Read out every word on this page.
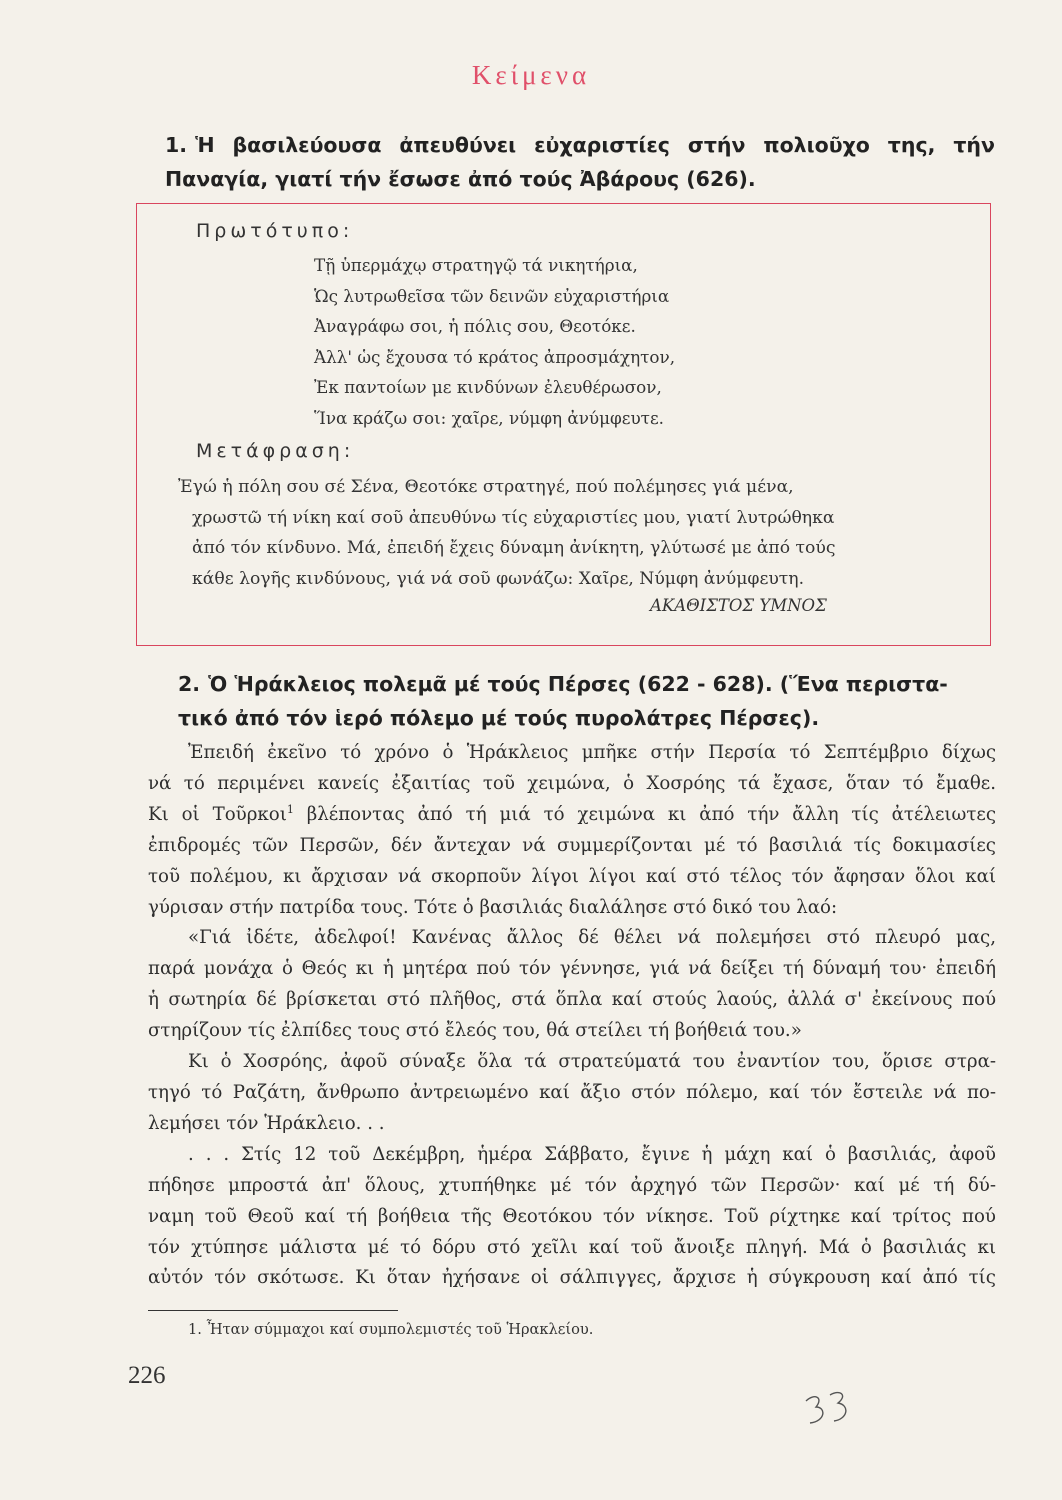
Κείμενα
1. Ἡ βασιλεύουσα ἀπευθύνει εὐχαριστίες στήν πολιοῦχο της, τήν Παναγία, γιατί τήν ἔσωσε ἀπό τούς Ἀβάρους (626).
Πρωτότυπο:
Τῇ ὑπερμάχῳ στρατηγῷ τά νικητήρια,
Ὡς λυτρωθεῖσα τῶν δεινῶν εὐχαριστήρια
Ἀναγράφω σοι, ἡ πόλις σου, Θεοτόκε.
Ἀλλ' ὡς ἔχουσα τό κράτος ἀπροσμάχητον,
Ἐκ παντοίων με κινδύνων ἐλευθέρωσον,
Ἵνα κράζω σοι: χαῖρε, νύμφη ἀνύμφευτε.
Μετάφραση:
Ἐγώ ἡ πόλη σου σέ Σένα, Θεοτόκε στρατηγέ, πού πολέμησες γιά μένα,
χρωστῶ τή νίκη καί σοῦ ἀπευθύνω τίς εὐχαριστίες μου, γιατί λυτρώθηκα
ἀπό τόν κίνδυνο. Μά, ἐπειδή ἔχεις δύναμη ἀνίκητη, γλύτωσέ με ἀπό τούς
κάθε λογῆς κινδύνους, γιά νά σοῦ φωνάζω: Χαῖρε, Νύμφη ἀνύμφευτη.
ΑΚΑΘΙΣΤΟΣ ΥΜΝΟΣ
2. Ὁ Ἡράκλειος πολεμᾶ μέ τούς Πέρσες (622 - 628). (Ἕνα περιστα-
τικό ἀπό τόν ἱερό πόλεμο μέ τούς πυρολάτρες Πέρσες).
Ἐπειδή ἐκεῖνο τό χρόνο ὁ Ἡράκλειος μπῆκε στήν Περσία τό Σεπτέμβριο δίχως
νά τό περιμένει κανείς ἐξαιτίας τοῦ χειμώνα, ὁ Χοσρόης τά ἔχασε, ὅταν τό ἔμαθε.
Κι οἱ Τοῦρκοι$^1$ βλέποντας ἀπό τή μιά τό χειμώνα κι ἀπό τήν ἄλλη τίς ἀτέλειωτες
ἐπιδρομές τῶν Περσῶν, δέν ἄντεχαν νά συμμερίζονται μέ τό βασιλιά τίς δοκιμασίες
τοῦ πολέμου, κι ἄρχισαν νά σκορποῦν λίγοι λίγοι καί στό τέλος τόν ἄφησαν ὅλοι καί
γύρισαν στήν πατρίδα τους. Τότε ὁ βασιλιάς διαλάλησε στό δικό του λαό:
«Γιά ἰδέτε, ἀδελφοί! Κανένας ἄλλος δέ θέλει νά πολεμήσει στό πλευρό μας,
παρά μονάχα ὁ Θεός κι ἡ μητέρα πού τόν γέννησε, γιά νά δείξει τή δύναμή του· ἐπειδή
ἡ σωτηρία δέ βρίσκεται στό πλῆθος, στά ὅπλα καί στούς λαούς, ἀλλά σ' ἐκείνους πού
στηρίζουν τίς ἐλπίδες τους στό ἔλεός του, θά στείλει τή βοήθειά του.»
Κι ὁ Χοσρόης, ἀφοῦ σύναξε ὅλα τά στρατεύματά του ἐναντίον του, ὅρισε στρα-
τηγό τό Ραζάτη, ἄνθρωπο ἀντρειωμένο καί ἄξιο στόν πόλεμο, καί τόν ἔστειλε νά πο-
λεμήσει τόν Ἡράκλειο. . .
. . . Στίς 12 τοῦ Δεκέμβρη, ἡμέρα Σάββατο, ἔγινε ἡ μάχη καί ὁ βασιλιάς, ἀφοῦ
πήδησε μπροστά ἀπ' ὅλους, χτυπήθηκε μέ τόν ἀρχηγό τῶν Περσῶν· καί μέ τή δύ-
ναμη τοῦ Θεοῦ καί τή βοήθεια τῆς Θεοτόκου τόν νίκησε. Τοῦ ρίχτηκε καί τρίτος πού
τόν χτύπησε μάλιστα μέ τό δόρυ στό χεῖλι καί τοῦ ἄνοιξε πληγή. Μά ὁ βασιλιάς κι
αὐτόν τόν σκότωσε. Κι ὅταν ἠχήσανε οἱ σάλπιγγες, ἄρχισε ἡ σύγκρουση καί ἀπό τίς
1. Ἦταν σύμμαχοι καί συμπολεμιστές τοῦ Ἡρακλείου.
226
